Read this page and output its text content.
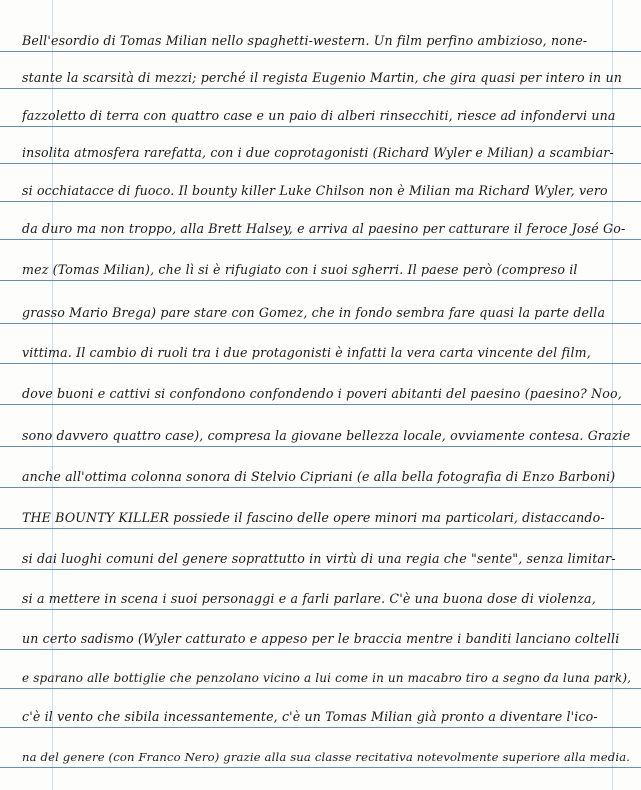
Bell'esordio di Tomas Milian nello spaghetti-western. Un film perfino ambizioso, none-
stante la scarsità di mezzi; perché il regista Eugenio Martin, che gira quasi per intero in un
fazzoletto di terra con quattro case e un paio di alberi rinsecchiti, riesce ad infondervi una
insolita atmosfera rarefatta, con i due coprotagonisti (Richard Wyler e Milian) a scambiar-
si occhiatacce di fuoco. Il bounty killer Luke Chilson non è Milian ma Richard Wyler, vero
da duro ma non troppo, alla Brett Halsey, e arriva al paesino per catturare il feroce José Go-
mez (Tomas Milian), che lì si è rifugiato con i suoi sgherri. Il paese però (compreso il
grasso Mario Brega) pare stare con Gomez, che in fondo sembra fare quasi la parte della
vittima. Il cambio di ruoli tra i due protagonisti è infatti la vera carta vincente del film,
dove buoni e cattivi si confondono confondendo i poveri abitanti del paesino (paesino? Noo,
sono davvero quattro case), compresa la giovane bellezza locale, ovviamente contesa. Grazie
anche all'ottima colonna sonora di Stelvio Cipriani (e alla bella fotografia di Enzo Barboni)
THE BOUNTY KILLER possiede il fascino delle opere minori ma particolari, distaccando-
si dai luoghi comuni del genere soprattutto in virtù di una regia che "sente", senza limitar-
si a mettere in scena i suoi personaggi e a farli parlare. C'è una buona dose di violenza,
un certo sadismo (Wyler catturato e appeso per le braccia mentre i banditi lanciano coltelli
e sparano alle bottiglie che penzolano vicino a lui come in un macabro tiro a segno da luna park),
c'è il vento che sibila incessantemente, c'è un Tomas Milian già pronto a diventare l'ico-
na del genere (con Franco Nero) grazie alla sua classe recitativa notevolmente superiore alla media.
